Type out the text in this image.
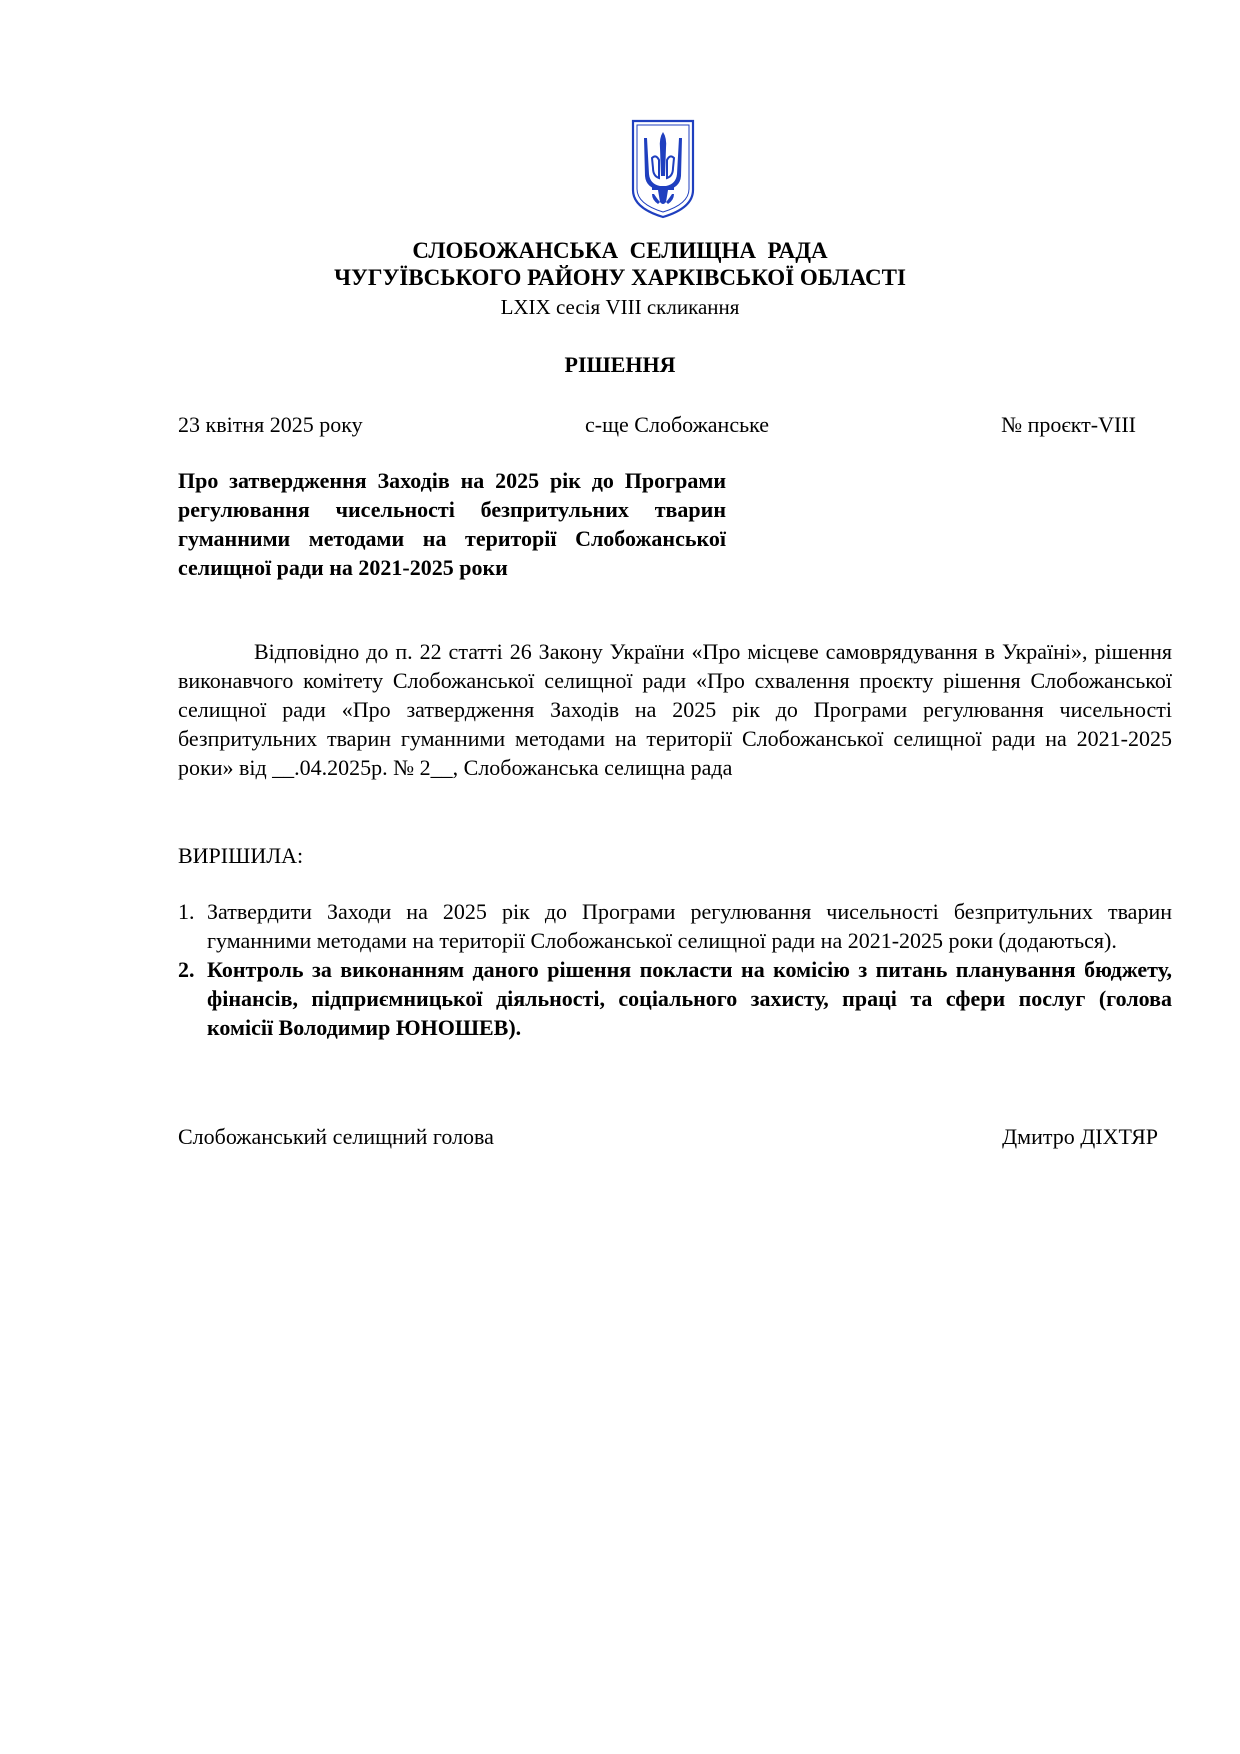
СЛОБОЖАНСЬКА  СЕЛИЩНА  РАДА
ЧУГУЇВСЬКОГО РАЙОНУ ХАРКІВСЬКОЇ ОБЛАСТІ
LXIX сесія VIII скликання
РІШЕННЯ
23 квітня 2025 року	с-ще Слобожанське	№ проєкт-VIII
Про затвердження Заходів на 2025 рік до Програми регулювання чисельності безпритульних тварин гуманними методами на території Слобожанської селищної ради на 2021-2025 роки
Відповідно до п. 22 статті 26 Закону України «Про місцеве самоврядування в Україні», рішення виконавчого комітету Слобожанської селищної ради «Про схвалення проєкту рішення Слобожанської селищної ради «Про затвердження Заходів на 2025 рік до Програми регулювання чисельності безпритульних тварин гуманними методами на території Слобожанської селищної ради на 2021-2025 роки» від __.04.2025р. № 2__, Слобожанська селищна рада
ВИРІШИЛА:
1. Затвердити Заходи на 2025 рік до Програми регулювання чисельності безпритульних тварин гуманними методами на території Слобожанської селищної ради на 2021-2025 роки (додаються).
2. Контроль за виконанням даного рішення покласти на комісію з питань планування бюджету, фінансів, підприємницької діяльності, соціального захисту, праці та сфери послуг (голова комісії Володимир ЮНОШЕВ).
Слобожанський селищний голова	Дмитро ДІХТЯР
